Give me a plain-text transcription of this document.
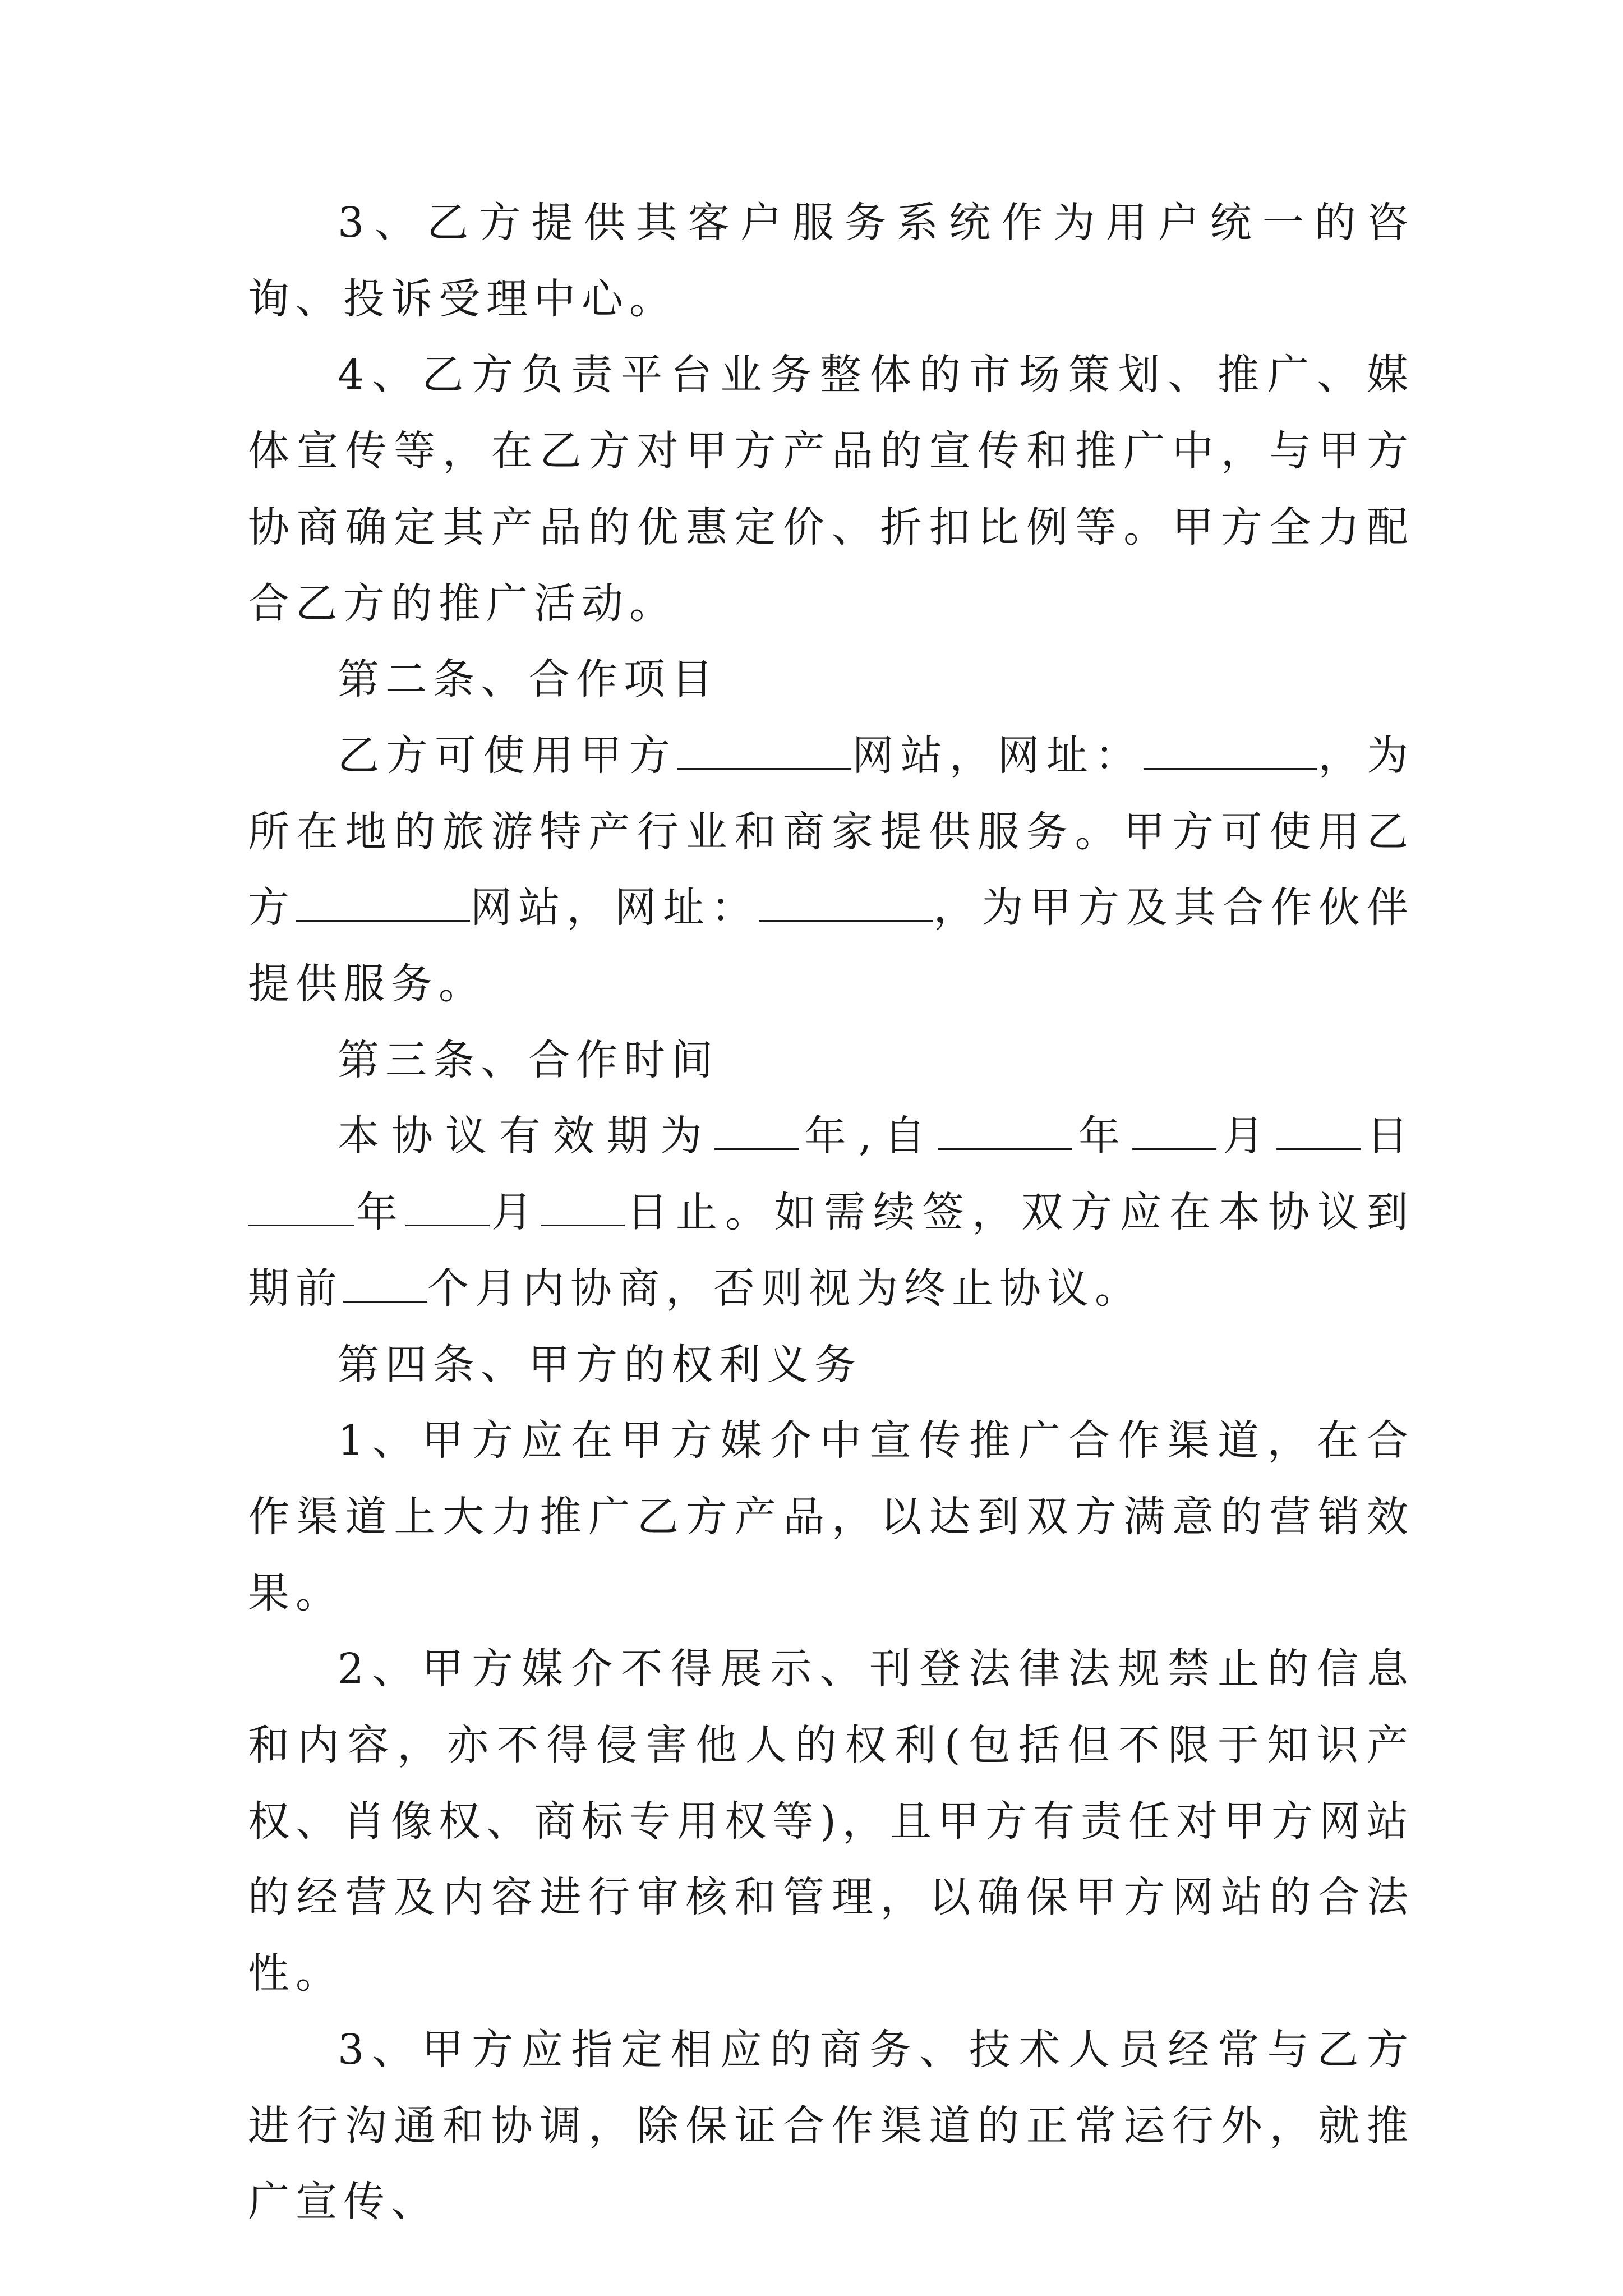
3、乙方提供其客户服务系统作为用户统一的咨询、投诉受理中心。

4、乙方负责平台业务整体的市场策划、推广、媒体宣传等，在乙方对甲方产品的宣传和推广中，与甲方协商确定其产品的优惠定价、折扣比例等。甲方全力配合乙方的推广活动。

第二条、合作项目

乙方可使用甲方	网站，网址：	，为所在地的旅游特产行业和商家提供服务。甲方可使用乙方	网站，网址：	，为甲方及其合作伙伴提供服务。

第三条、合作时间

本协议有效期为 年,自	年 月 日年 月 日止。如需续签，双方应在本协议到期前 个月内协商，否则视为终止协议。

第四条、甲方的权利义务

1、甲方应在甲方媒介中宣传推广合作渠道，在合作渠道上大力推广乙方产品，以达到双方满意的营销效果。

2、甲方媒介不得展示、刊登法律法规禁止的信息和内容，亦不得侵害他人的权利(包括但不限于知识产权、肖像权、商标专用权等)，且甲方有责任对甲方网站的经营及内容进行审核和管理，以确保甲方网站的合法性。

3、甲方应指定相应的商务、技术人员经常与乙方进行沟通和协调，除保证合作渠道的正常运行外，就推广宣传、
